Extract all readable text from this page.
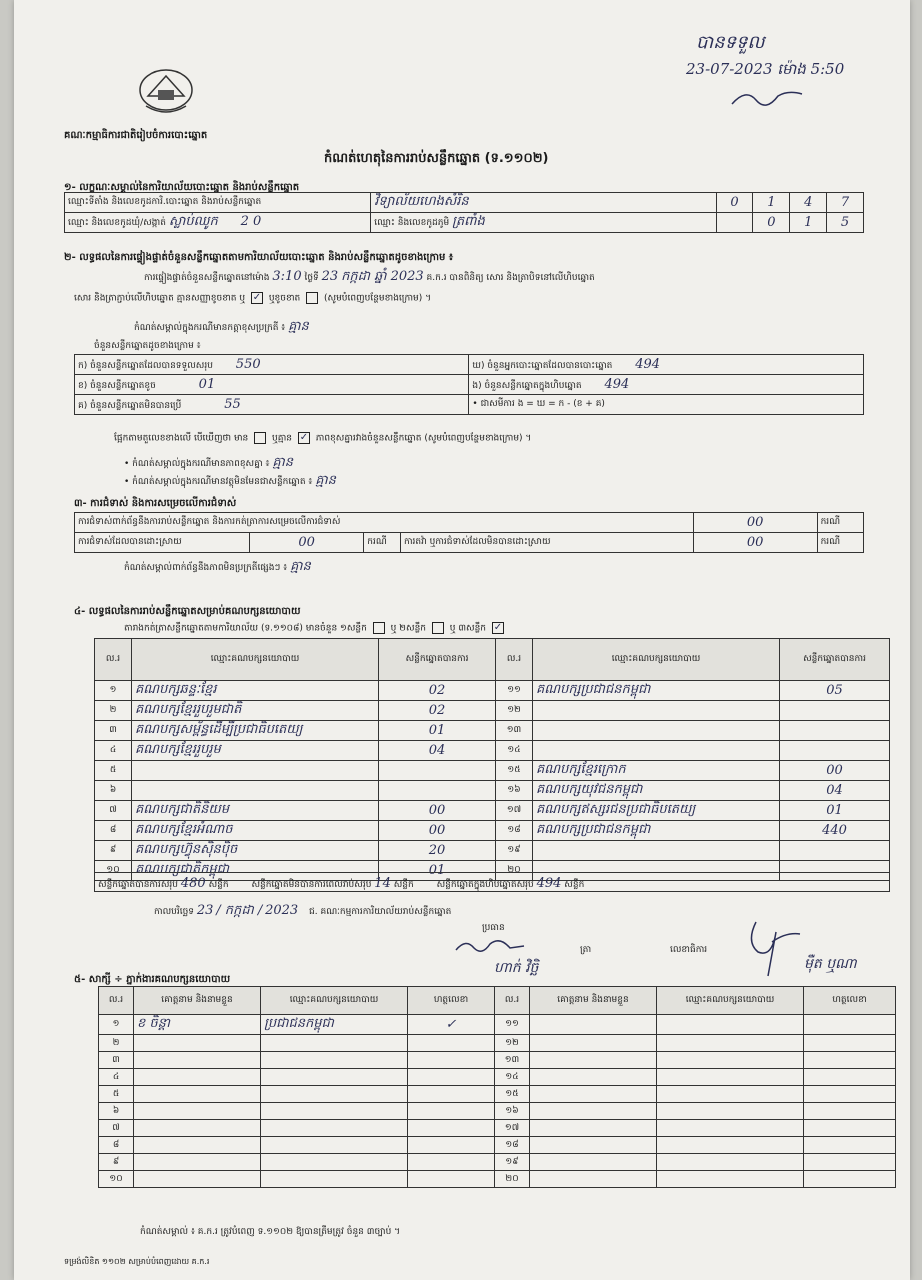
គណៈកម្មាធិការជាតិរៀបចំការបោះឆ្នោត
បានទទួល
23-07-2023 ម៉ោង 5:50
កំណត់ហេតុនៃការរាប់សន្លឹកឆ្នោត (ទ.១១០២)
១- លក្ខណៈសម្គាល់នៃការិយាល័យបោះឆ្នោត និងរាប់សន្លឹកឆ្នោត
ឈ្មោះទីតាំង និងលេខកូដការិ.បោះឆ្នោត និងរាប់សន្លឹកឆ្នោត	វិទ្យាល័យហេងសំរិន	0	1	4	7
ឈ្មោះ និងលេខកូដឃុំ/សង្កាត់ ស្លាប់ឈូក 2 0	ឈ្មោះ និងលេខកូដភូមិ ត្រពាំង		0	1	5
២- លទ្ធផលនៃការផ្ទៀងផ្ទាត់ចំនួនសន្លឹកឆ្នោតតាមការិយាល័យបោះឆ្នោត និងរាប់សន្លឹកឆ្នោតដូចខាងក្រោម ៖
ការផ្ទៀងផ្ទាត់ចំនួនសន្លឹកឆ្នោតនៅម៉ោង 3:10 ថ្ងៃទី 23 កក្កដា ឆ្នាំ 2023 គ.ក.រ បានពិនិត្យ សោរ និងត្រាបិទនៅលើហិបឆ្នោត
សោរ និងត្រាភ្ជាប់លើហិបឆ្នោត គ្មានសញ្ញាខូចខាត ឬ ✓ ឬខូចខាត	(សូមបំពេញបន្ថែមខាងក្រោម) ។
កំណត់សម្គាល់ក្នុងករណីមានកត្តាខុសប្រក្រតី ៖ គ្មាន
ចំនួនសន្លឹកឆ្នោតដូចខាងក្រោម ៖
ក) ចំនួនសន្លឹកឆ្នោតដែលបានទទួលសរុប 550	ឃ) ចំនួនអ្នកបោះឆ្នោតដែលបានបោះឆ្នោត 494
ខ) ចំនួនសន្លឹកឆ្នោតខូច 01	ង) ចំនួនសន្លឹកឆ្នោតក្នុងហិបឆ្នោត 494
គ) ចំនួនសន្លឹកឆ្នោតមិនបានប្រើ 55	• ជាសមីការ ង = ឃ = ក - (ខ + គ)
ផ្អែកតាមតួលេខខាងលើ បើឃើញថា មាន	ឬគ្មាន ✓ ភាពខុសគ្នារវាងចំនួនសន្លឹកឆ្នោត (សូមបំពេញបន្ថែមខាងក្រោម) ។
• កំណត់សម្គាល់ក្នុងករណីមានភាពខុសគ្នា ៖ គ្មាន
• កំណត់សម្គាល់ក្នុងករណីមានវត្ថុមិនមែនជាសន្លឹកឆ្នោត ៖ គ្មាន
៣- ការជំទាស់ និងការសម្រេចលើការជំទាស់
ការជំទាស់ពាក់ព័ន្ធនឹងការរាប់សន្លឹកឆ្នោត និងការកត់ត្រាការសម្រេចលើការជំទាស់				00	ករណី
ការជំទាស់ដែលបានដោះស្រាយ	00	ករណី	ការតវ៉ា ឬការជំទាស់ដែលមិនបានដោះស្រាយ	00	ករណី
កំណត់សម្គាល់ពាក់ព័ន្ធនឹងភាពមិនប្រក្រតីផ្សេងៗ ៖ គ្មាន
៤- លទ្ធផលនៃការរាប់សន្លឹកឆ្នោតសម្រាប់គណបក្សនយោបាយ
តារាងកត់ត្រាសន្លឹកឆ្នោតតាមការិយាល័យ (ទ.១១០៨) មានចំនួន ១សន្លឹក	ឬ ២សន្លឹក	ឬ ៣សន្លឹក ✓
ល.រ	ឈ្មោះគណបក្សនយោបាយ	សន្លឹកឆ្នោតបានការ	ល.រ	ឈ្មោះគណបក្សនយោបាយ	សន្លឹកឆ្នោតបានការ
១	គណបក្សឆន្ទៈខ្មែរ	02	១១	គណបក្សប្រជាជនកម្ពុជា	05
២	គណបក្សខ្មែររួបរួមជាតិ	02	១២		
៣	គណបក្សសម្ព័ន្ធដើម្បីប្រជាធិបតេយ្យ	01	១៣		
៤	គណបក្សខ្មែររួបរួម	04	១៤		
៥			១៥	គណបក្សខ្មែរក្រោក	00
៦			១៦	គណបក្សយុវជនកម្ពុជា	04
៧	គណបក្សជាតិនិយម	00	១៧	គណបក្សឥស្សរជនប្រជាធិបតេយ្យ	01
៨	គណបក្សខ្មែរអំណាច	00	១៨	គណបក្សប្រជាជនកម្ពុជា	440
៩	គណបក្សហ៊្វុនស៊ិនប៉ិច	20	១៩		
១០	គណបក្សជាតិកម្ពុជា	01	២០		
សន្លឹកឆ្នោតបានការសរុប 480 សន្លឹក	សន្លឹកឆ្នោតមិនបានការពេលរាប់សរុប 14 សន្លឹក	សន្លឹកឆ្នោតក្នុងហិបឆ្នោតសរុប 494 សន្លឹក
កាលបរិច្ឆេទ 23 / កក្កដា / 2023 ជ. គណៈកម្មការការិយាល័យរាប់សន្លឹកឆ្នោត
ប្រធាន
ហាក់ វិច្ឆិ
ត្រា	លេខាធិការ
ម៉ឺត ឬណា
៥- សាក្សី ÷ ភ្នាក់ងារគណបក្សនយោបាយ
ល.រ	គោត្តនាម និងនាមខ្លួន	ឈ្មោះគណបក្សនយោបាយ	ហត្ថលេខា	ល.រ	គោត្តនាម និងនាមខ្លួន	ឈ្មោះគណបក្សនយោបាយ	ហត្ថលេខា
១	ខ ចិន្តា	ប្រជាជនកម្ពុជា	✓	១១			
២				១២			
៣				១៣			
៤				១៤			
៥				១៥			
៦				១៦			
៧				១៧			
៨				១៨			
៩				១៩			
១០				២០			
កំណត់សម្គាល់ ៖ គ.ក.រ ត្រូវបំពេញ ទ.១១០២ ឱ្យបានត្រឹមត្រូវ ចំនួន ៣ច្បាប់ ។
ទម្រង់លិខិត ១១០២ សម្រាប់បំពេញដោយ គ.ក.រ
